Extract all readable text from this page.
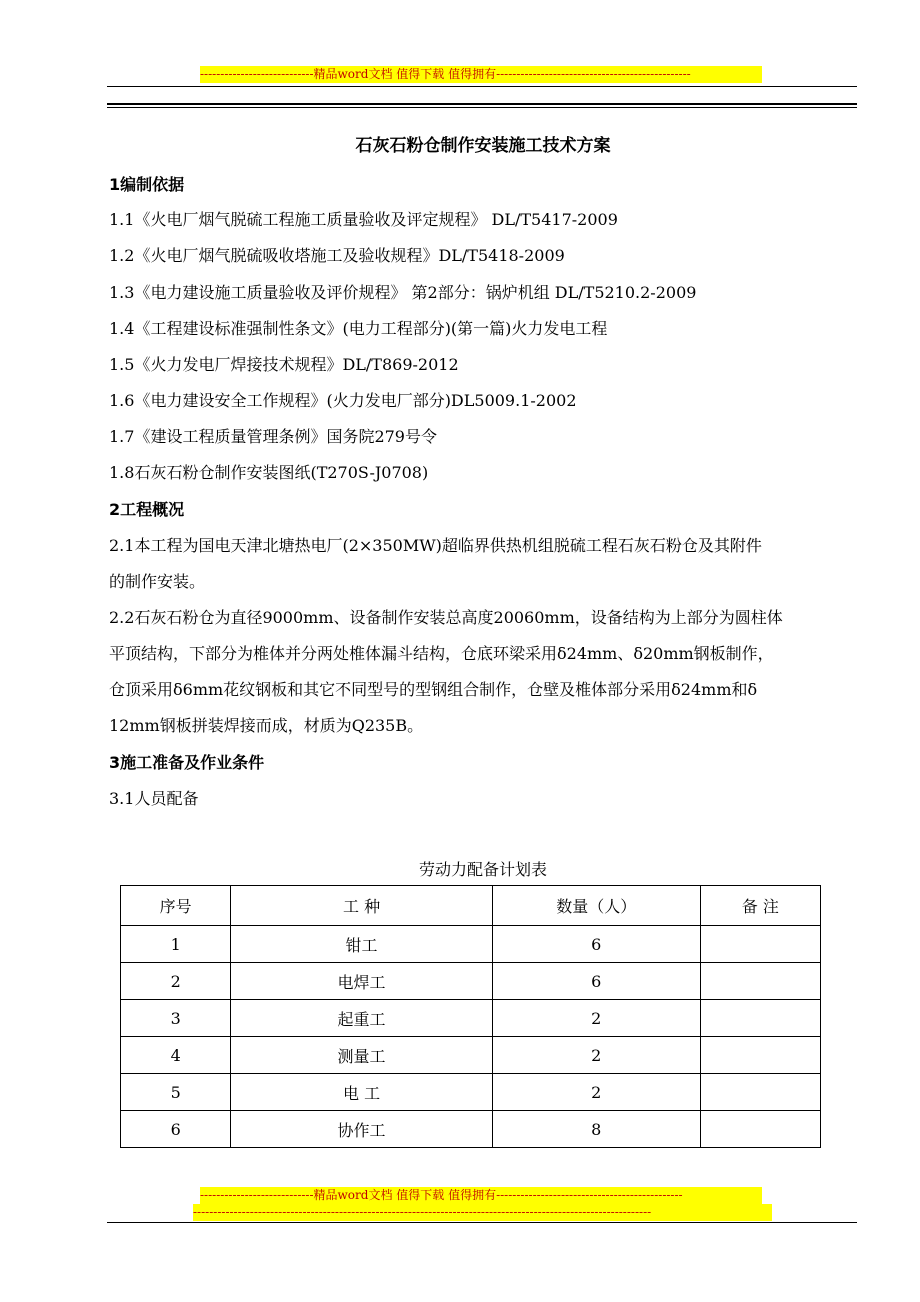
----------------------------精品word文档 值得下载 值得拥有------------------------------------------------
石灰石粉仓制作安装施工技术方案
1编制依据
1.1《火电厂烟气脱硫工程施工质量验收及评定规程》 DL/T5417-2009
1.2《火电厂烟气脱硫吸收塔施工及验收规程》DL/T5418-2009
1.3《电力建设施工质量验收及评价规程》 第2部分：锅炉机组 DL/T5210.2-2009
1.4《工程建设标准强制性条文》(电力工程部分)(第一篇)火力发电工程
1.5《火力发电厂焊接技术规程》DL/T869-2012
1.6《电力建设安全工作规程》(火力发电厂部分)DL5009.1-2002
1.7《建设工程质量管理条例》国务院279号令
1.8石灰石粉仓制作安装图纸(T270S-J0708)
2工程概况
2.1本工程为国电天津北塘热电厂(2×350MW)超临界供热机组脱硫工程石灰石粉仓及其附件
的制作安装。
2.2石灰石粉仓为直径9000mm、设备制作安装总高度20060mm，设备结构为上部分为圆柱体
平顶结构，下部分为椎体并分两处椎体漏斗结构，仓底环梁采用δ24mm、δ20mm钢板制作，
仓顶采用δ6mm花纹钢板和其它不同型号的型钢组合制作，仓壁及椎体部分采用δ24mm和δ
12mm钢板拼装焊接而成，材质为Q235B。
3施工准备及作业条件
3.1人员配备
劳动力配备计划表
序号	工 种	数量（人）	备 注
1	钳工	6	
2	电焊工	6	
3	起重工	2	
4	测量工	2	
5	电 工	2	
6	协作工	8	
----------------------------精品word文档 值得下载 值得拥有----------------------------------------------
-----------------------------------------------------------------------------------------------------------------
